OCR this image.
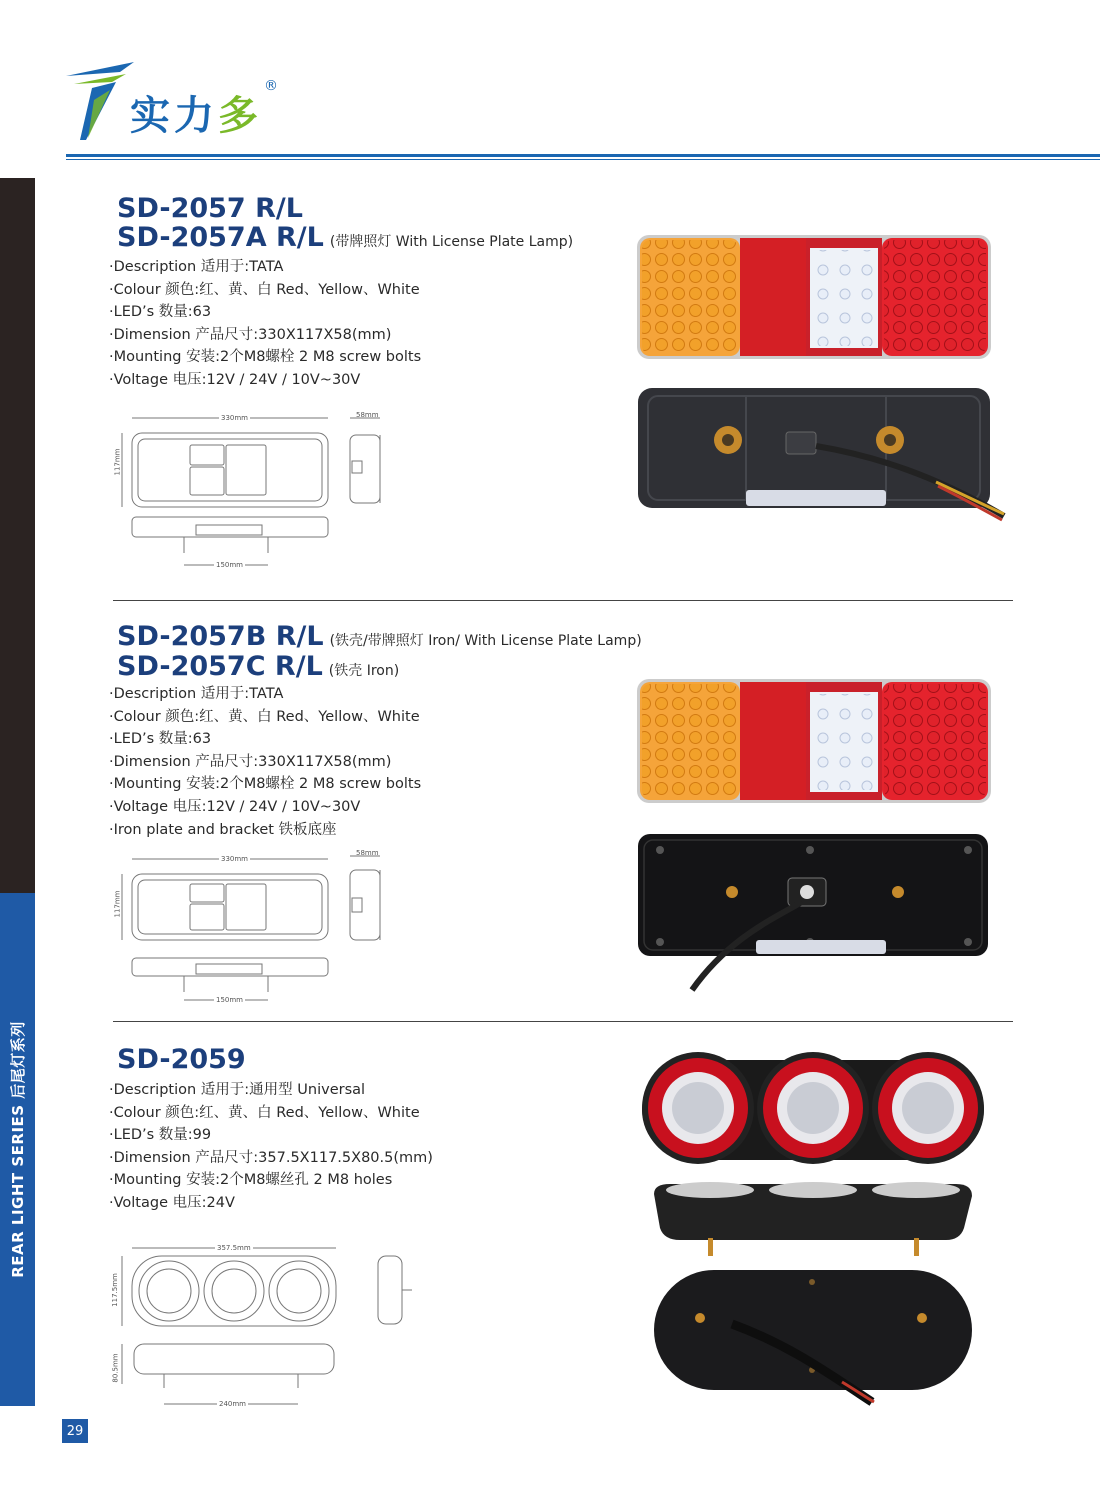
实力多
®
REAR LIGHT SERIES 后尾灯系列
29
SD-2057 R/L
SD-2057A R/L (带牌照灯 With License Plate Lamp)
·Description 适用于:TATA
·Colour 颜色:红、黄、白 Red、Yellow、White
·LED’s 数量:63
·Dimension 产品尺寸:330X117X58(mm)
·Mounting 安装:2个M8螺栓 2 M8 screw bolts
·Voltage 电压:12V / 24V / 10V~30V
330mm
117mm
58mm
150mm
SD-2057B R/L (铁壳/带牌照灯 Iron/ With License Plate Lamp)
SD-2057C R/L (铁壳 Iron)
·Description 适用于:TATA
·Colour 颜色:红、黄、白 Red、Yellow、White
·LED’s 数量:63
·Dimension 产品尺寸:330X117X58(mm)
·Mounting 安装:2个M8螺栓 2 M8 screw bolts
·Voltage 电压:12V / 24V / 10V~30V
·Iron plate and bracket 铁板底座
330mm
117mm
58mm
150mm
SD-2059
·Description 适用于:通用型 Universal
·Colour 颜色:红、黄、白 Red、Yellow、White
·LED’s 数量:99
·Dimension 产品尺寸:357.5X117.5X80.5(mm)
·Mounting 安装:2个M8螺丝孔 2 M8 holes
·Voltage 电压:24V
357.5mm
117.5mm
80.5mm
240mm
